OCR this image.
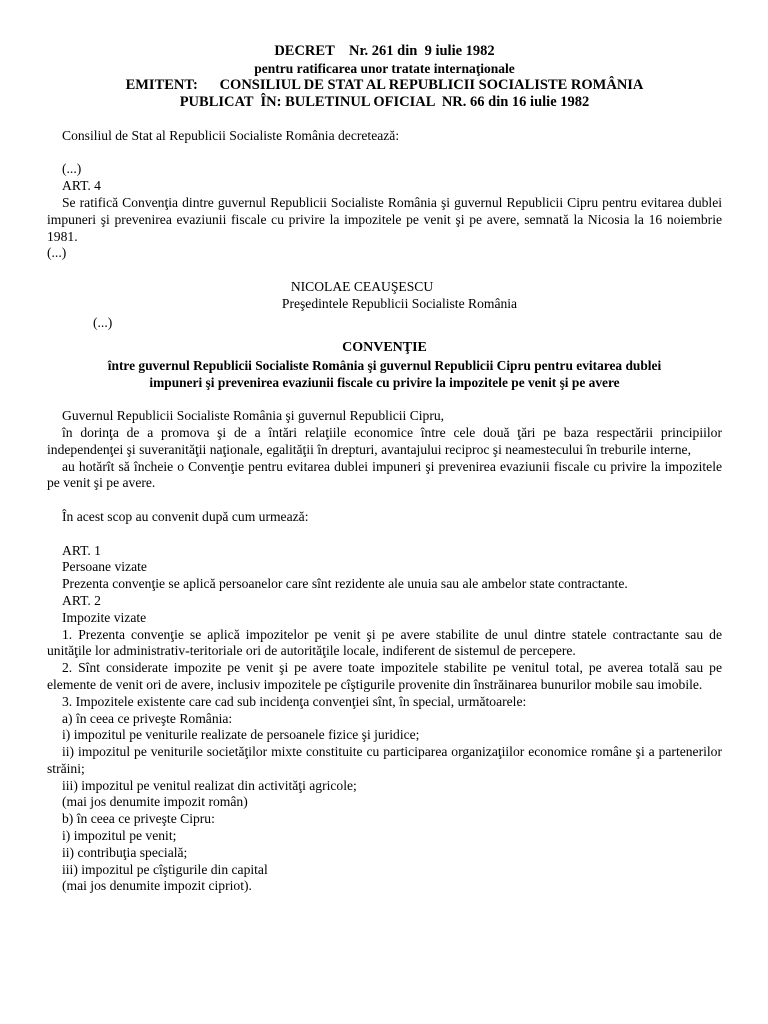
DECRET    Nr. 261 din  9 iulie 1982
pentru ratificarea unor tratate internaţionale
EMITENT:      CONSILIUL DE STAT AL REPUBLICII SOCIALISTE ROMÂNIA
PUBLICAT  ÎN: BULETINUL OFICIAL  NR. 66 din 16 iulie 1982

Consiliul de Stat al Republicii Socialiste România decretează:

(...)

ART. 4

Se ratifică Convenţia dintre guvernul Republicii Socialiste România şi guvernul Republicii Cipru pentru evitarea dublei impuneri şi prevenirea evaziunii fiscale cu privire la impozitele pe venit şi pe avere, semnată la Nicosia la 16 noiembrie 1981.

(...)

NICOLAE CEAUŞESCU

Preşedintele Republicii Socialiste România

(...)

CONVENŢIE
între guvernul Republicii Socialiste România şi guvernul Republicii Cipru pentru evitarea dublei impuneri şi prevenirea evaziunii fiscale cu privire la impozitele pe venit şi pe avere

Guvernul Republicii Socialiste România şi guvernul Republicii Cipru,

în dorinţa de a promova şi de a întări relaţiile economice între cele două ţări pe baza respectării principiilor independenţei şi suveranităţii naţionale, egalităţii în drepturi, avantajului reciproc şi neamestecului în treburile interne,

au hotărît să încheie o Convenţie pentru evitarea dublei impuneri şi prevenirea evaziunii fiscale cu privire la impozitele pe venit şi pe avere.

În acest scop au convenit după cum urmează:

ART. 1

Persoane vizate

Prezenta convenţie se aplică persoanelor care sînt rezidente ale unuia sau ale ambelor state contractante.

ART. 2

Impozite vizate

1. Prezenta convenţie se aplică impozitelor pe venit şi pe avere stabilite de unul dintre statele contractante sau de unităţile lor administrativ-teritoriale ori de autorităţile locale, indiferent de sistemul de percepere.

2. Sînt considerate impozite pe venit şi pe avere toate impozitele stabilite pe venitul total, pe averea totală sau pe elemente de venit ori de avere, inclusiv impozitele pe cîştigurile provenite din înstrăinarea bunurilor mobile sau imobile.

3. Impozitele existente care cad sub incidenţa convenţiei sînt, în special, următoarele:

a) în ceea ce priveşte România:

i) impozitul pe veniturile realizate de persoanele fizice şi juridice;

ii) impozitul pe veniturile societăţilor mixte constituite cu participarea organizaţiilor economice române şi a partenerilor străini;

iii) impozitul pe venitul realizat din activităţi agricole;

(mai jos denumite impozit român)

b) în ceea ce priveşte Cipru:

i) impozitul pe venit;

ii) contribuţia specială;

iii) impozitul pe cîştigurile din capital

(mai jos denumite impozit cipriot).
